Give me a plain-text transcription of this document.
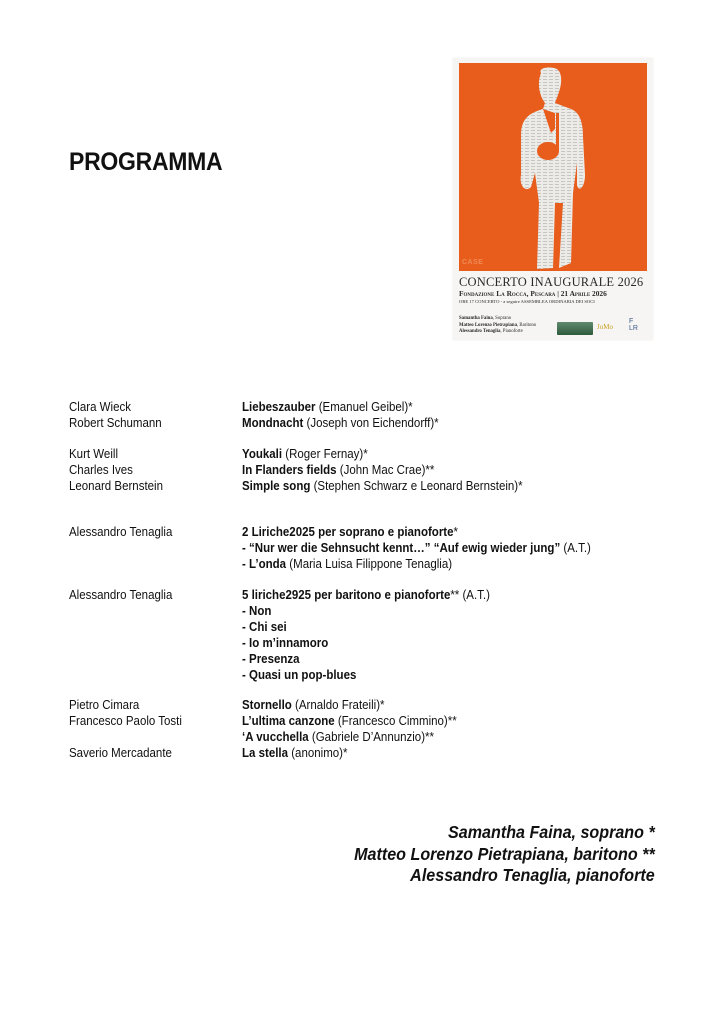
PROGRAMMA
CASE
CONCERTO INAUGURALE 2026
Fondazione La Rocca, Pescara | 21 Aprile 2026
ORE 17 CONCERTO - a seguire ASSEMBLEA ORDINARIA DEI SOCI
Samantha Faina, Soprano
Matteo Lorenzo Pietrapiana, Baritono
Alessandro Tenaglia, Pianoforte
JoMo
F
LR
Clara Wieck	Liebeszauber (Emanuel Geibel)*
Robert Schumann	Mondnacht (Joseph von Eichendorff)*
Kurt Weill	Youkali (Roger Fernay)*
Charles Ives	In Flanders fields (John Mac Crae)**
Leonard Bernstein	Simple song (Stephen Schwarz e Leonard Bernstein)*
Alessandro Tenaglia	2 Liriche2025 per soprano e pianoforte*
- “Nur wer die Sehnsucht kennt…” “Auf ewig wieder jung” (A.T.)
- L’onda (Maria Luisa Filippone Tenaglia)
Alessandro Tenaglia	5 liriche2925 per baritono e pianoforte** (A.T.)
- Non
- Chi sei
- Io m’innamoro
- Presenza
- Quasi un pop-blues
Pietro Cimara	Stornello (Arnaldo Frateili)*
Francesco Paolo Tosti	L’ultima canzone (Francesco Cimmino)**
‘A vucchella (Gabriele D’Annunzio)**
Saverio Mercadante	La stella (anonimo)*
Samantha Faina, soprano *
Matteo Lorenzo Pietrapiana, baritono **
Alessandro Tenaglia, pianoforte
